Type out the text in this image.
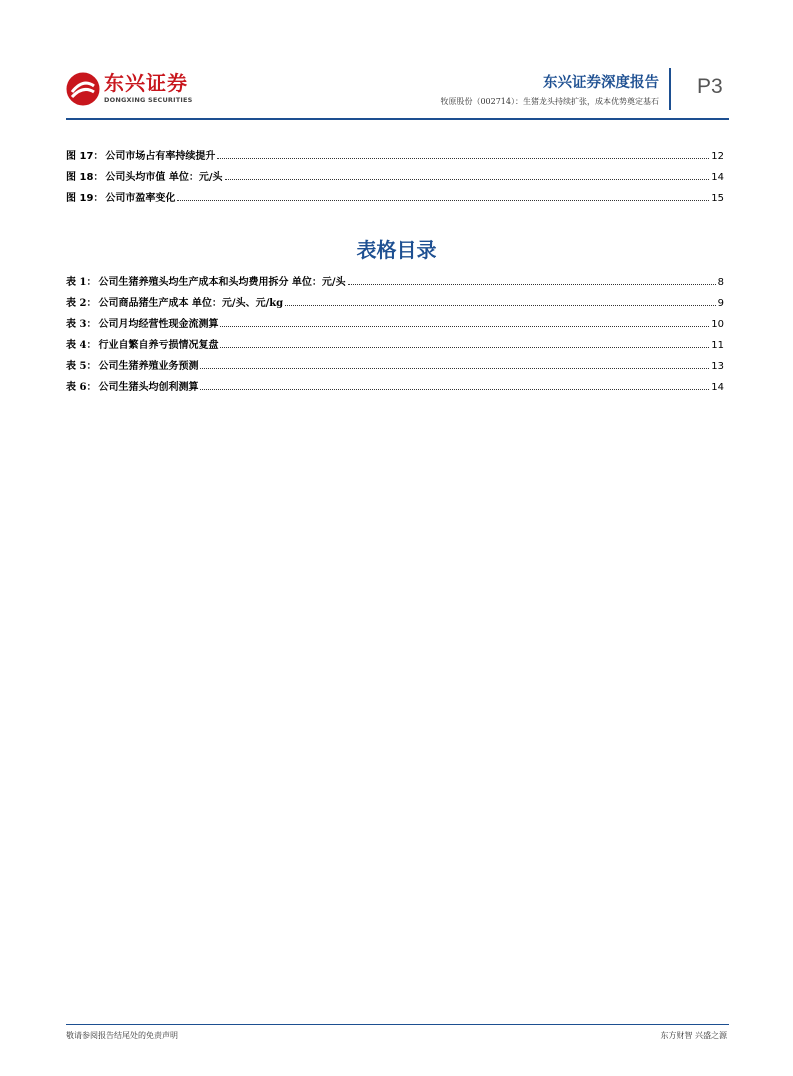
东兴证券
DONGXING SECURITIES
东兴证券深度报告
牧原股份（002714）：生猪龙头持续扩张，成本优势奠定基石
P3
图 17： 公司市场占有率持续提升	12
图 18： 公司头均市值 单位：元/头	14
图 19： 公司市盈率变化	15
表格目录
表 1： 公司生猪养殖头均生产成本和头均费用拆分 单位：元/头	8
表 2： 公司商品猪生产成本 单位：元/头、元/kg	9
表 3： 公司月均经营性现金流测算	10
表 4： 行业自繁自养亏损情况复盘	11
表 5： 公司生猪养殖业务预测	13
表 6： 公司生猪头均创利测算	14
敬请参阅报告结尾处的免责声明	东方财智 兴盛之源
